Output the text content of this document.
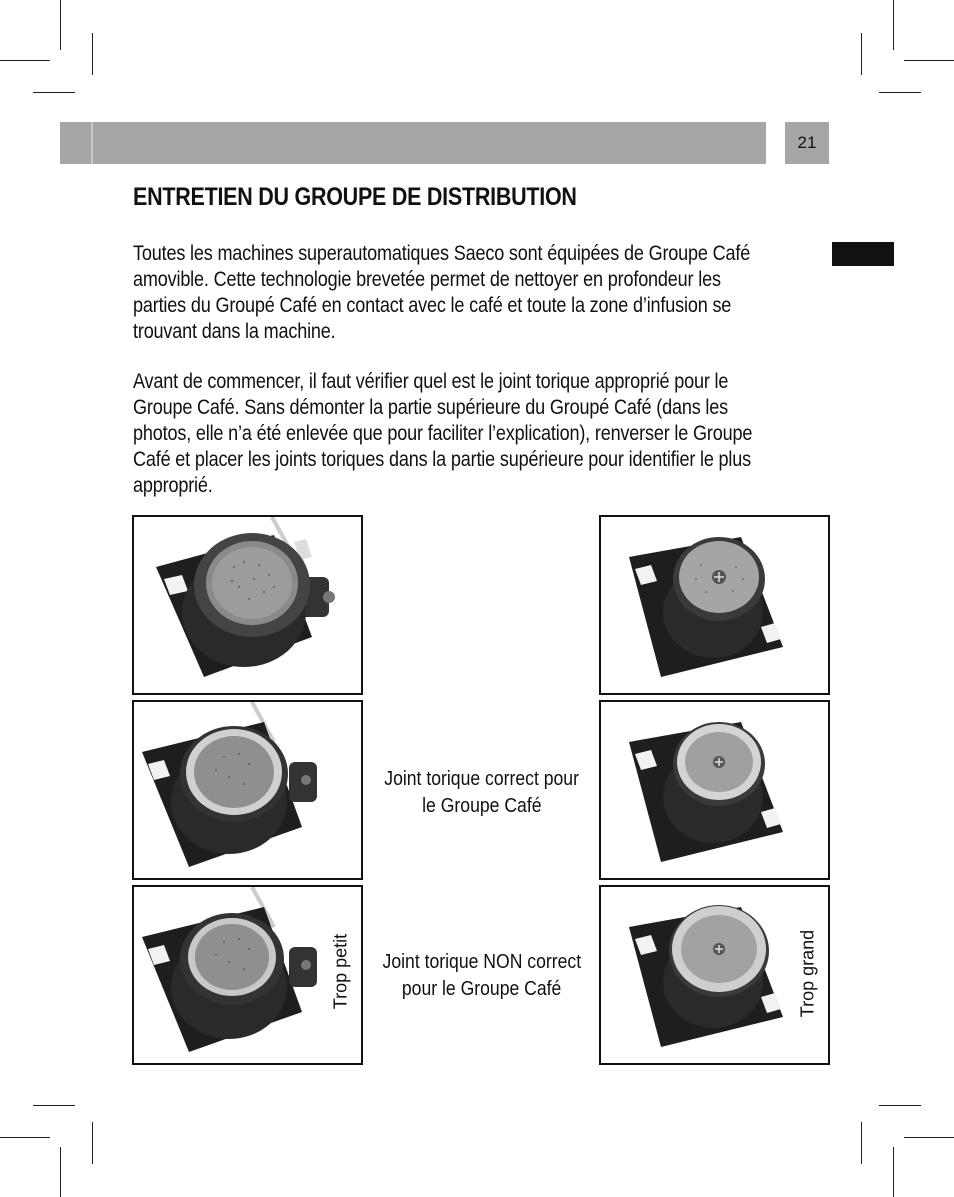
21
ENTRETIEN DU GROUPE DE DISTRIBUTION

Toutes les machines superautomatiques Saeco sont équipées de Groupe Café
amovible. Cette technologie brevetée permet de nettoyer en profondeur les
parties du Groupé Café en contact avec le café et toute la zone d’infusion se
trouvant dans la machine.

Avant de commencer, il faut vérifier quel est le joint torique approprié pour le
Groupe Café. Sans démonter la partie supérieure du Groupé Café (dans les
photos, elle n’a été enlevée que pour faciliter l’explication), renverser le Groupe
Café et placer les joints toriques dans la partie supérieure pour identifier le plus
approprié.

Trop petit	Trop grand
Joint torique correct pour
le Groupe Café
Joint torique NON correct
pour le Groupe Café
